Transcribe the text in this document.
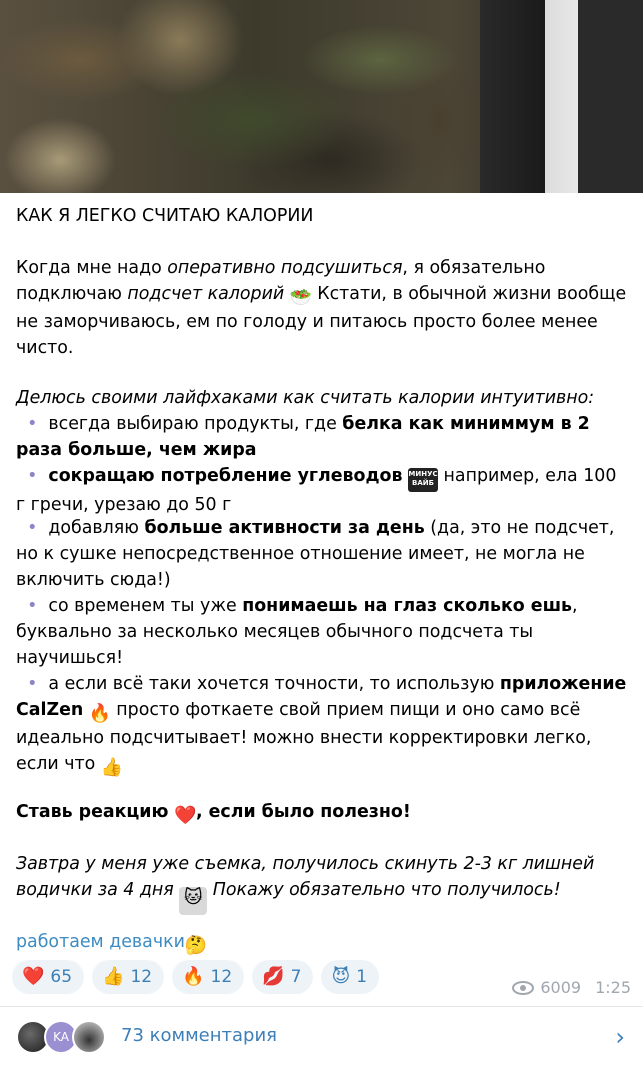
КАК Я ЛЕГКО СЧИТАЮ КАЛОРИИ
Когда мне надо оперативно подсушиться, я обязательно подключаю подсчет калорий 🥗 Кстати, в обычной жизни вообще не заморчиваюсь, ем по голоду и питаюсь просто более менее чисто.
Делюсь своими лайфхаками как считать калории интуитивно:
• всегда выбираю продукты, где белка как миниммум в 2 раза больше, чем жира
• сокращаю потребление углеводов МИНУС ВАЙБ например, ела 100 г гречи, урезаю до 50 г
• добавляю больше активности за день (да, это не подсчет, но к сушке непосредственное отношение имеет, не могла не включить сюда!)
• со временем ты уже понимаешь на глаз сколько ешь, буквально за несколько месяцев обычного подсчета ты научишься!
• а если всё таки хочется точности, то использую приложение CalZen 🔥 просто фоткаете свой прием пищи и оно само всё идеально подсчитывает! можно внести корректировки легко, если что 👍
Ставь реакцию ❤️, если было полезно!
Завтра у меня уже съемка, получилось скинуть 2-3 кг лишней водички за 4 дня 🐱 Покажу обязательно что получилось!
работаем девачки🤔
❤️ 65 👍 12 🔥 12 💋 7 😈 1
6009 1:25
KA	73 комментария	›
